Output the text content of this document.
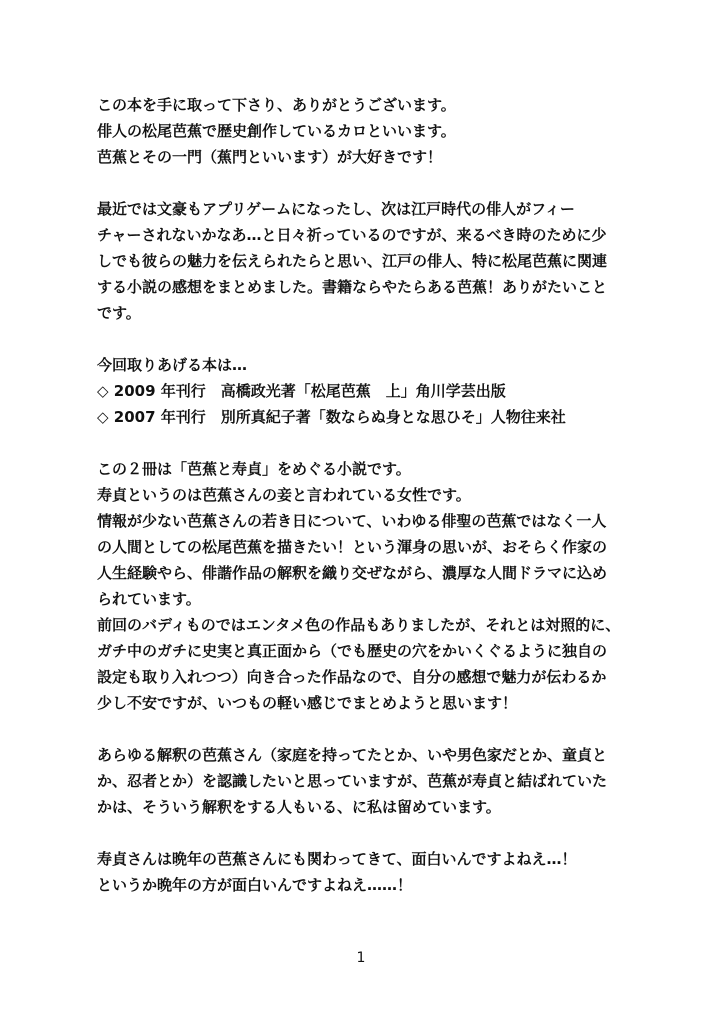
この本を手に取って下さり、ありがとうございます。
俳人の松尾芭蕉で歴史創作しているカロといいます。
芭蕉とその一門（蕉門といいます）が大好きです！
最近では文豪もアプリゲームになったし、次は江戸時代の俳人がフィー
チャーされないかなあ…と日々祈っているのですが、来るべき時のために少
しでも彼らの魅力を伝えられたらと思い、江戸の俳人、特に松尾芭蕉に関連
する小説の感想をまとめました。書籍ならやたらある芭蕉！ありがたいこと
です。
今回取りあげる本は…
◇ 2009 年刊行　高橋政光著「松尾芭蕉　上」角川学芸出版
◇ 2007 年刊行　別所真紀子著「数ならぬ身とな思ひそ」人物往来社
この２冊は「芭蕉と寿貞」をめぐる小説です。
寿貞というのは芭蕉さんの妾と言われている女性です。
情報が少ない芭蕉さんの若き日について、いわゆる俳聖の芭蕉ではなく一人
の人間としての松尾芭蕉を描きたい！という渾身の思いが、おそらく作家の
人生経験やら、俳諧作品の解釈を織り交ぜながら、濃厚な人間ドラマに込め
られています。
前回のバディものではエンタメ色の作品もありましたが、それとは対照的に、
ガチ中のガチに史実と真正面から（でも歴史の穴をかいくぐるように独自の
設定も取り入れつつ）向き合った作品なので、自分の感想で魅力が伝わるか
少し不安ですが、いつもの軽い感じでまとめようと思います！
あらゆる解釈の芭蕉さん（家庭を持ってたとか、いや男色家だとか、童貞と
か、忍者とか）を認識したいと思っていますが、芭蕉が寿貞と結ばれていた
かは、そういう解釈をする人もいる、に私は留めています。
寿貞さんは晩年の芭蕉さんにも関わってきて、面白いんですよねえ…！
というか晩年の方が面白いんですよねえ……！
1
